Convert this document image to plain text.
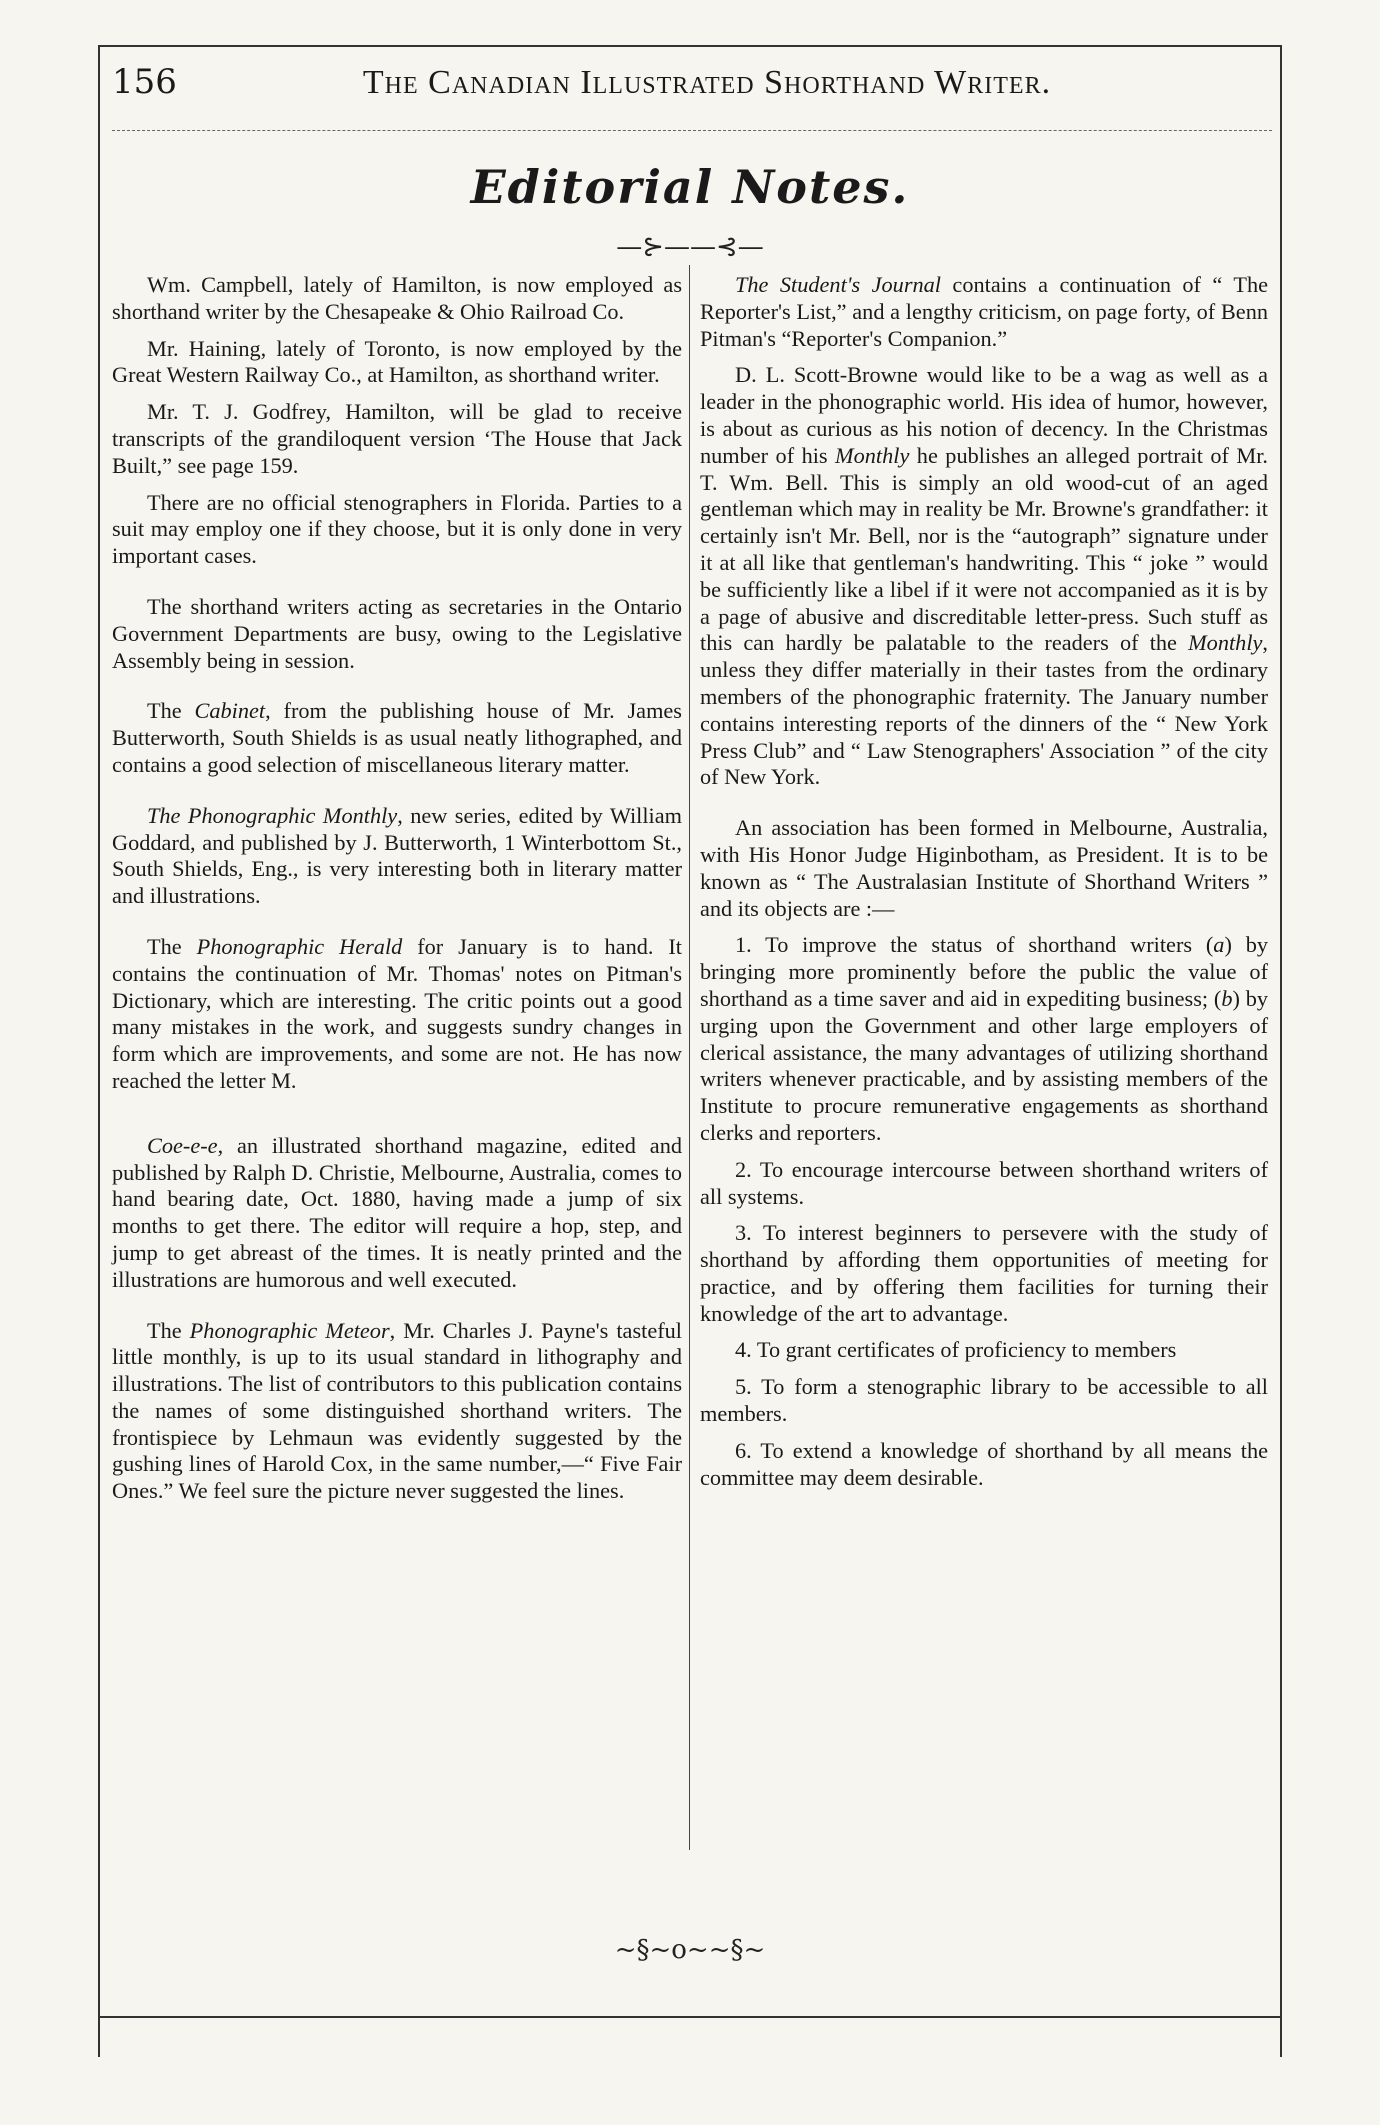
156	The Canadian Illustrated Shorthand Writer.
Editorial Notes.
—⊱——⊰—

Wm. Campbell, lately of Hamilton, is now employed as shorthand writer by the Chesapeake & Ohio Railroad Co.

Mr. Haining, lately of Toronto, is now employed by the Great Western Railway Co., at Hamilton, as shorthand writer.

Mr. T. J. Godfrey, Hamilton, will be glad to receive transcripts of the grandiloquent version ‘The House that Jack Built,” see page 159.

There are no official stenographers in Florida. Parties to a suit may employ one if they choose, but it is only done in very important cases.

The shorthand writers acting as secretaries in the Ontario Government Departments are busy, owing to the Legislative Assembly being in session.

The Cabinet, from the publishing house of Mr. James Butterworth, South Shields is as usual neatly lithographed, and contains a good selection of miscellaneous literary matter.

The Phonographic Monthly, new series, edited by William Goddard, and published by J. Butterworth, 1 Winterbottom St., South Shields, Eng., is very interesting both in literary matter and illustrations.

The Phonographic Herald for January is to hand. It contains the continuation of Mr. Thomas' notes on Pitman's Dictionary, which are interesting. The critic points out a good many mistakes in the work, and suggests sundry changes in form which are improvements, and some are not. He has now reached the letter M.

Coe-e-e, an illustrated shorthand magazine, edited and published by Ralph D. Christie, Melbourne, Australia, comes to hand bearing date, Oct. 1880, having made a jump of six months to get there. The editor will require a hop, step, and jump to get abreast of the times. It is neatly printed and the illustrations are humorous and well executed.

The Phonographic Meteor, Mr. Charles J. Payne's tasteful little monthly, is up to its usual standard in lithography and illustrations. The list of contributors to this publication contains the names of some distinguished shorthand writers. The frontispiece by Lehmaun was evidently suggested by the gushing lines of Harold Cox, in the same number,—“ Five Fair Ones.” We feel sure the picture never suggested the lines.

The Student's Journal contains a continuation of “ The Reporter's List,” and a lengthy criticism, on page forty, of Benn Pitman's “Reporter's Companion.”

D. L. Scott-Browne would like to be a wag as well as a leader in the phonographic world. His idea of humor, however, is about as curious as his notion of decency. In the Christmas number of his Monthly he publishes an alleged portrait of Mr. T. Wm. Bell. This is simply an old wood-cut of an aged gentleman which may in reality be Mr. Browne's grandfather: it certainly isn't Mr. Bell, nor is the “autograph” signature under it at all like that gentleman's handwriting. This “ joke ” would be sufficiently like a libel if it were not accompanied as it is by a page of abusive and discreditable letter-press. Such stuff as this can hardly be palatable to the readers of the Monthly, unless they differ materially in their tastes from the ordinary members of the phonographic fraternity. The January number contains interesting reports of the dinners of the “ New York Press Club” and “ Law Stenographers' Association ” of the city of New York.

An association has been formed in Melbourne, Australia, with His Honor Judge Higinbotham, as President. It is to be known as “ The Australasian Institute of Shorthand Writers ” and its objects are :—

1. To improve the status of shorthand writers (a) by bringing more prominently before the public the value of shorthand as a time saver and aid in expediting business; (b) by urging upon the Government and other large employers of clerical assistance, the many advantages of utilizing shorthand writers whenever practicable, and by assisting members of the Institute to procure remunerative engagements as shorthand clerks and reporters.

2. To encourage intercourse between shorthand writers of all systems.

3. To interest beginners to persevere with the study of shorthand by affording them opportunities of meeting for practice, and by offering them facilities for turning their knowledge of the art to advantage.

4. To grant certificates of proficiency to members

5. To form a stenographic library to be accessible to all members.

6. To extend a knowledge of shorthand by all means the committee may deem desirable.

~§~o~~§~
